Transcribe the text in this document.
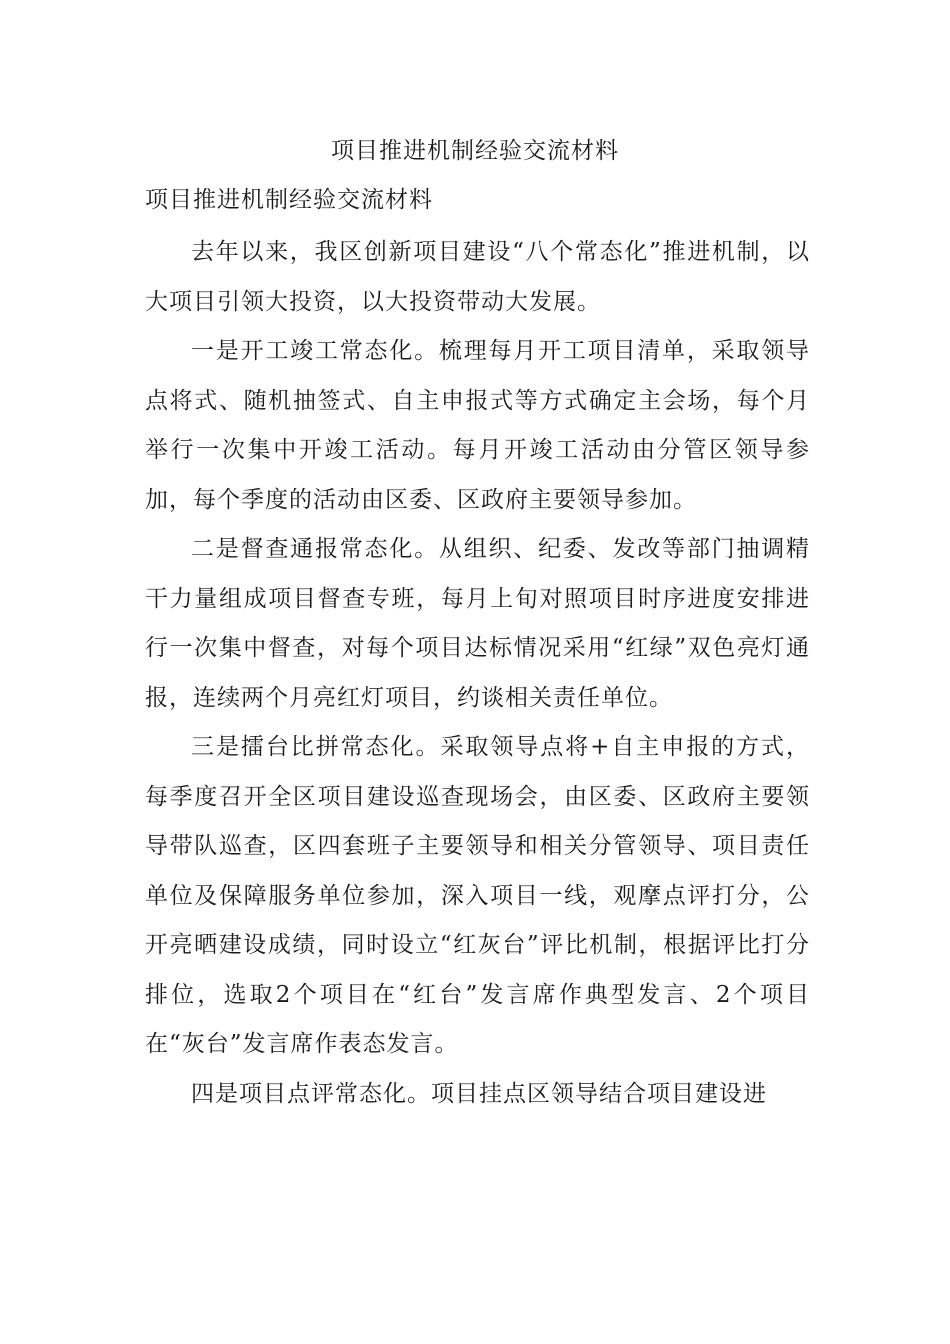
项目推进机制经验交流材料
项目推进机制经验交流材料

去年以来，我区创新项目建设“八个常态化”推进机制，以大项目引领大投资，以大投资带动大发展。

一是开工竣工常态化。梳理每月开工项目清单，采取领导点将式、随机抽签式、自主申报式等方式确定主会场，每个月举行一次集中开竣工活动。每月开竣工活动由分管区领导参加，每个季度的活动由区委、区政府主要领导参加。

二是督查通报常态化。从组织、纪委、发改等部门抽调精干力量组成项目督查专班，每月上旬对照项目时序进度安排进行一次集中督查，对每个项目达标情况采用“红绿”双色亮灯通报，连续两个月亮红灯项目，约谈相关责任单位。

三是擂台比拼常态化。采取领导点将+自主申报的方式，每季度召开全区项目建设巡查现场会，由区委、区政府主要领导带队巡查，区四套班子主要领导和相关分管领导、项目责任单位及保障服务单位参加，深入项目一线，观摩点评打分，公开亮晒建设成绩，同时设立“红灰台”评比机制，根据评比打分排位，选取2个项目在“红台”发言席作典型发言、2个项目在“灰台”发言席作表态发言。

四是项目点评常态化。项目挂点区领导结合项目建设进
